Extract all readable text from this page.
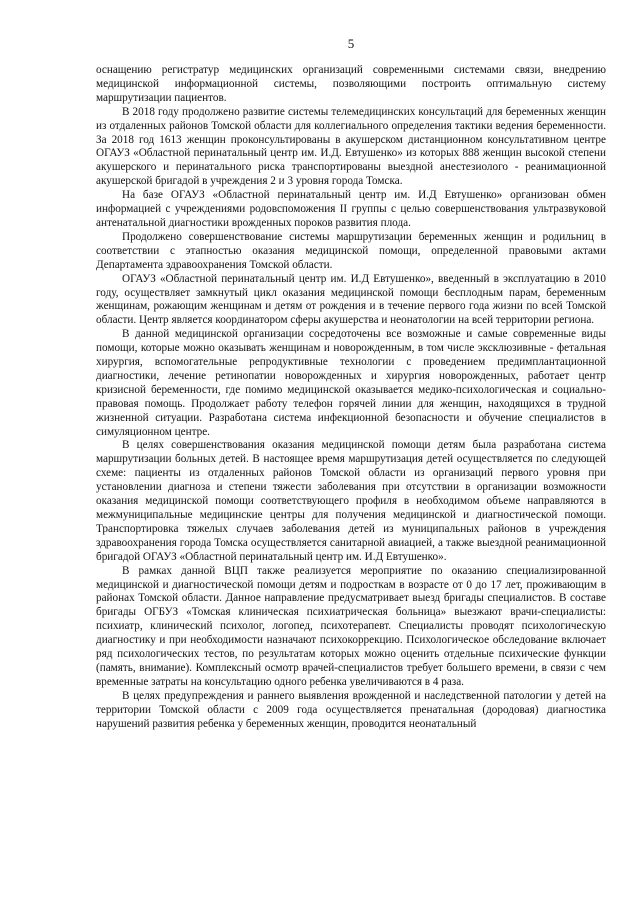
5

оснащению регистратур медицинских организаций современными системами связи, внедрению медицинской информационной системы, позволяющими построить оптимальную систему маршрутизации пациентов.

В 2018 году продолжено развитие системы телемедицинских консультаций для беременных женщин из отдаленных районов Томской области для коллегиального определения тактики ведения беременности. За 2018 год 1613 женщин проконсультированы в акушерском дистанционном консультативном центре ОГАУЗ «Областной перинатальный центр им. И.Д. Евтушенко» из которых 888 женщин высокой степени акушерского и перинатального риска транспортированы выездной анестезиолого - реанимационной акушерской бригадой в учреждения 2 и 3 уровня города Томска.

На базе ОГАУЗ «Областной перинатальный центр им. И.Д Евтушенко» организован обмен информацией с учреждениями родовспоможения II группы с целью совершенствования ультразвуковой антенатальной диагностики врожденных пороков развития плода.

Продолжено совершенствование системы маршрутизации беременных женщин и родильниц в соответствии с этапностью оказания медицинской помощи, определенной правовыми актами Департамента здравоохранения Томской области.

ОГАУЗ «Областной перинатальный центр им. И.Д Евтушенко», введенный в эксплуатацию в 2010 году, осуществляет замкнутый цикл оказания медицинской помощи бесплодным парам, беременным женщинам, рожающим женщинам и детям от рождения и в течение первого года жизни по всей Томской области. Центр является координатором сферы акушерства и неонатологии на всей территории региона.

В данной медицинской организации сосредоточены все возможные и самые современные виды помощи, которые можно оказывать женщинам и новорожденным, в том числе эксклюзивные - фетальная хирургия, вспомогательные репродуктивные технологии с проведением предимплантационной диагностики, лечение ретинопатии новорожденных и хирургия новорожденных, работает центр кризисной беременности, где помимо медицинской оказывается медико-психологическая и социально-правовая помощь. Продолжает работу телефон горячей линии для женщин, находящихся в трудной жизненной ситуации. Разработана система инфекционной безопасности и обучение специалистов в симуляционном центре.

В целях совершенствования оказания медицинской помощи детям была разработана система маршрутизации больных детей. В настоящее время маршрутизация детей осуществляется по следующей схеме: пациенты из отдаленных районов Томской области из организаций первого уровня при установлении диагноза и степени тяжести заболевания при отсутствии в организации возможности оказания медицинской помощи соответствующего профиля в необходимом объеме направляются в межмуниципальные медицинские центры для получения медицинской и диагностической помощи. Транспортировка тяжелых случаев заболевания детей из муниципальных районов в учреждения здравоохранения города Томска осуществляется санитарной авиацией, а также выездной реанимационной бригадой ОГАУЗ «Областной перинатальный центр им. И.Д Евтушенко».

В рамках данной ВЦП также реализуется мероприятие по оказанию специализированной медицинской и диагностической помощи детям и подросткам в возрасте от 0 до 17 лет, проживающим в районах Томской области. Данное направление предусматривает выезд бригады специалистов. В составе бригады ОГБУЗ «Томская клиническая психиатрическая больница» выезжают врачи-специалисты: психиатр, клинический психолог, логопед, психотерапевт. Специалисты проводят психологическую диагностику и при необходимости назначают психокоррекцию. Психологическое обследование включает ряд психологических тестов, по результатам которых можно оценить отдельные психические функции (память, внимание). Комплексный осмотр врачей-специалистов требует большего времени, в связи с чем временные затраты на консультацию одного ребенка увеличиваются в 4 раза.

В целях предупреждения и раннего выявления врожденной и наследственной патологии у детей на территории Томской области с 2009 года осуществляется пренатальная (дородовая) диагностика нарушений развития ребенка у беременных женщин, проводится неонатальный
